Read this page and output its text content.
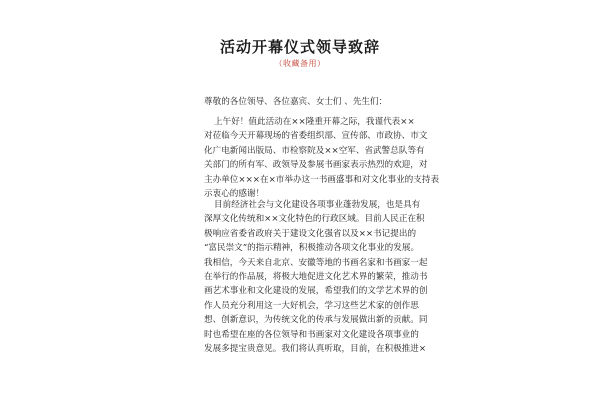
活动开幕仪式领导致辞
（收藏备用）
尊敬的各位领导、各位嘉宾、女士们 、先生们：
上午好！值此活动在××隆重开幕之际，我谨代表××
对莅临今天开幕现场的省委组织部、宣传部、市政协、市文
化广电新闻出版局、市检察院及××空军、省武警总队等有
关部门的所有军、政领导及参展书画家表示热烈的欢迎，对
主办单位×××在×市举办这一书画盛事和对文化事业的支持表
示衷心的感谢！
目前经济社会与文化建设各项事业蓬勃发展，也是具有
深厚文化传统和××文化特色的行政区域。目前人民正在积
极响应省委省政府关于建设文化强省以及××书记提出的
“富民崇文”的指示精神，积极推动各项文化事业的发展。
我相信，今天来自北京、安徽等地的书画名家和书画家一起
在举行的作品展，将极大地促进文化艺术界的繁荣，推动书
画艺术事业和文化建设的发展，希望我们的文学艺术界的创
作人员充分利用这一大好机会，学习这些艺术家的创作思
想、创新意识，为传统文化的传承与发展做出新的贡献。同
时也希望在座的各位领导和书画家对文化建设各项事业的
发展多提宝贵意见。我们将认真听取，目前，在积极推进×
